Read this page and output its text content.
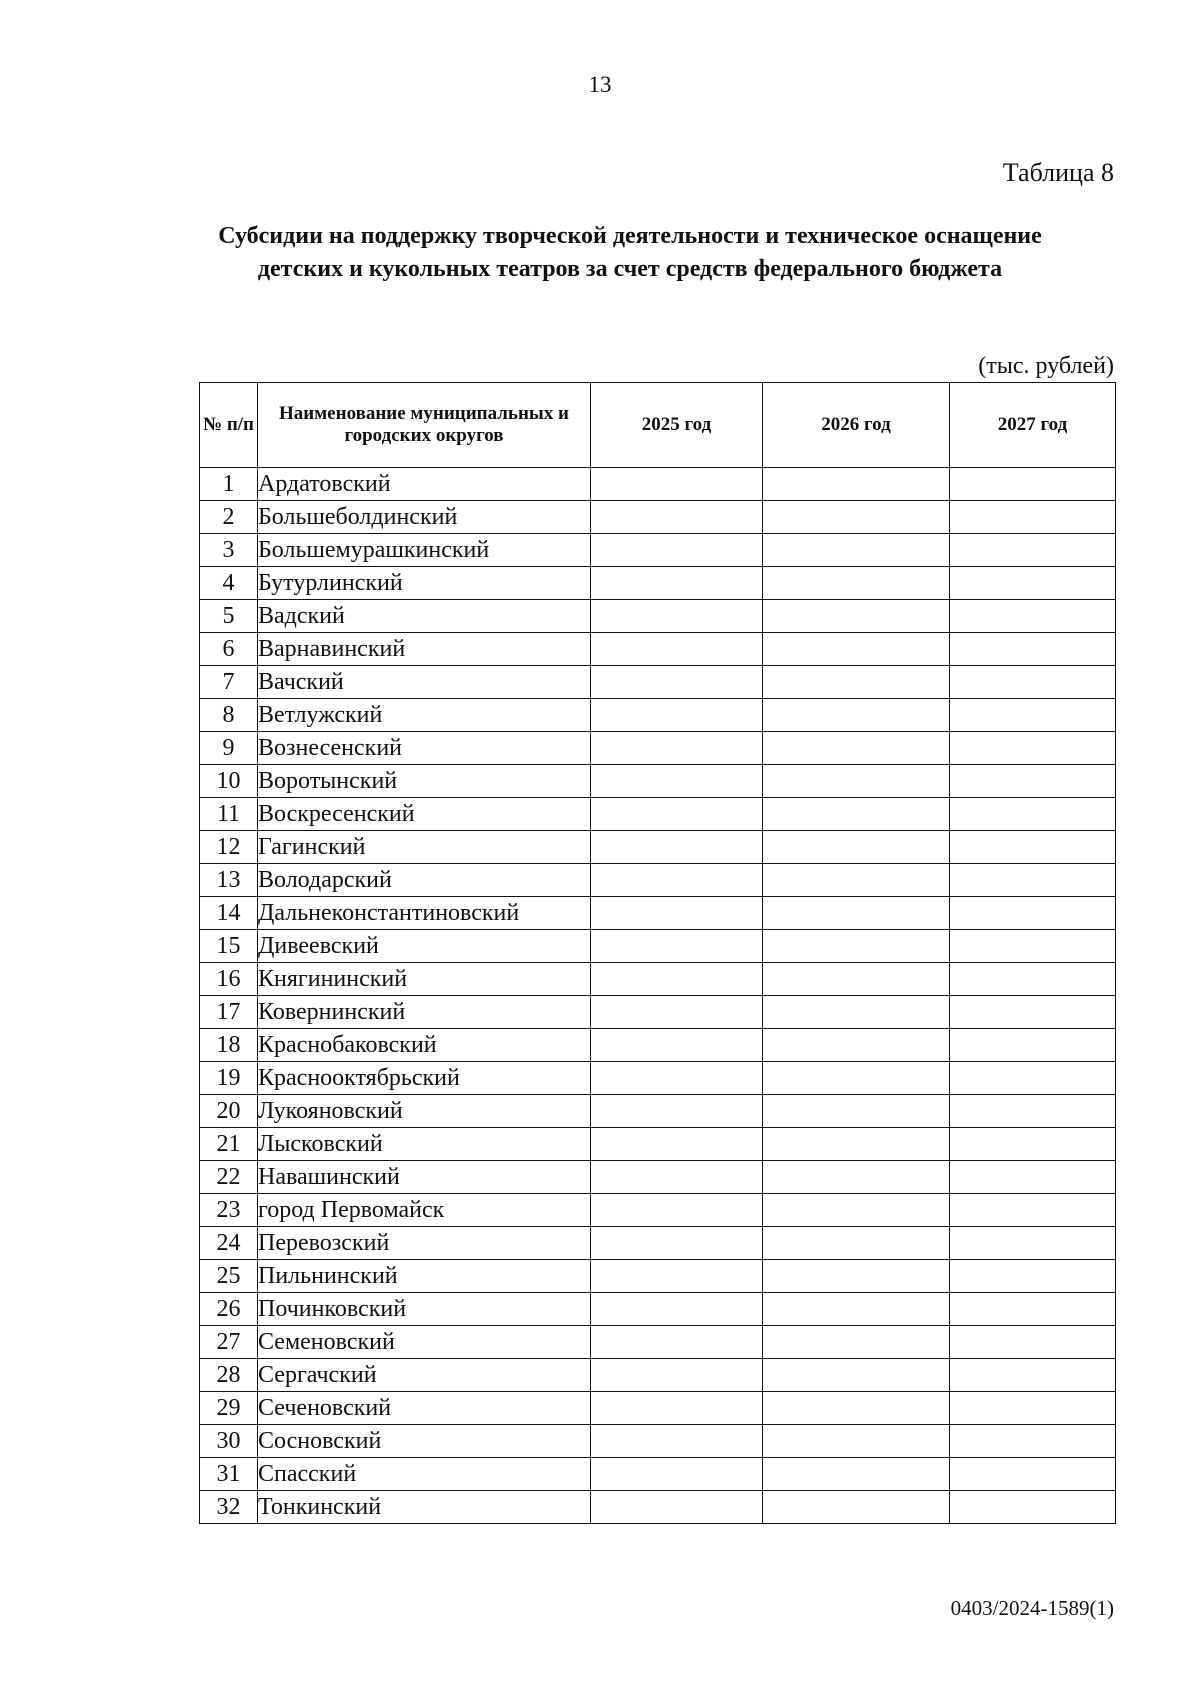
13
Таблица 8
Субсидии на поддержку творческой деятельности и техническое оснащение детских и кукольных театров за счет средств федерального бюджета
(тыс. рублей)
№ п/п	Наименование муниципальных и городских округов	2025 год	2026 год	2027 год
1	Ардатовский			
2	Большеболдинский			
3	Большемурашкинский			
4	Бутурлинский			
5	Вадский			
6	Варнавинский			
7	Вачский			
8	Ветлужский			
9	Вознесенский			
10	Воротынский			
11	Воскресенский			
12	Гагинский			
13	Володарский			
14	Дальнеконстантиновский			
15	Дивеевский			
16	Княгининский			
17	Ковернинский			
18	Краснобаковский			
19	Краснооктябрьский			
20	Лукояновский			
21	Лысковский			
22	Навашинский			
23	город Первомайск			
24	Перевозский			
25	Пильнинский			
26	Починковский			
27	Семеновский			
28	Сергачский			
29	Сеченовский			
30	Сосновский			
31	Спасский			
32	Тонкинский			
0403/2024-1589(1)
